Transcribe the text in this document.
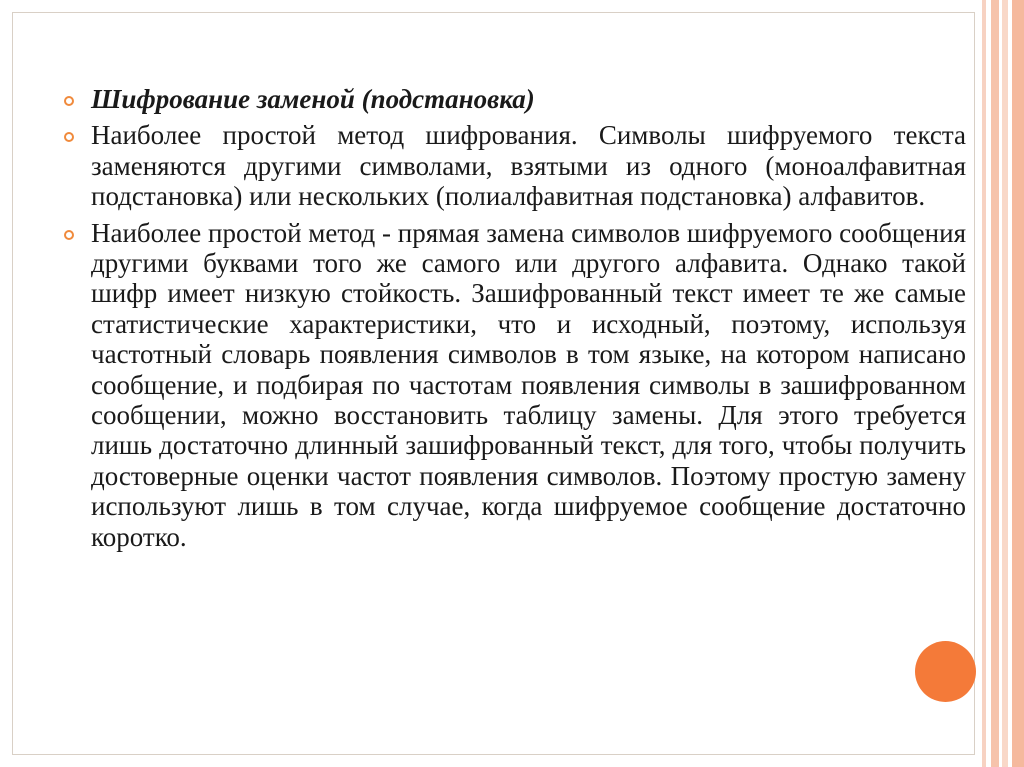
Шифрование заменой (подстановка)
Наиболее простой метод шифрования. Символы шифруемого текста заменяются другими символами, взятыми из одного (моноалфавитная подстановка) или нескольких (полиалфавитная подстановка) алфавитов.
Наиболее простой метод - прямая замена символов шифруемого сообщения другими буквами того же самого или другого алфавита. Однако такой шифр имеет низкую стойкость. Зашифрованный текст имеет те же самые статистические характеристики, что и исходный, поэтому, используя частотный словарь появления символов в том языке, на котором написано сообщение, и подбирая по частотам появления символы в зашифрованном сообщении, можно восстановить таблицу замены. Для этого требуется лишь достаточно длинный зашифрованный текст, для того, чтобы получить достоверные оценки частот появления символов. Поэтому простую замену используют лишь в том случае, когда шифруемое сообщение достаточно коротко.
